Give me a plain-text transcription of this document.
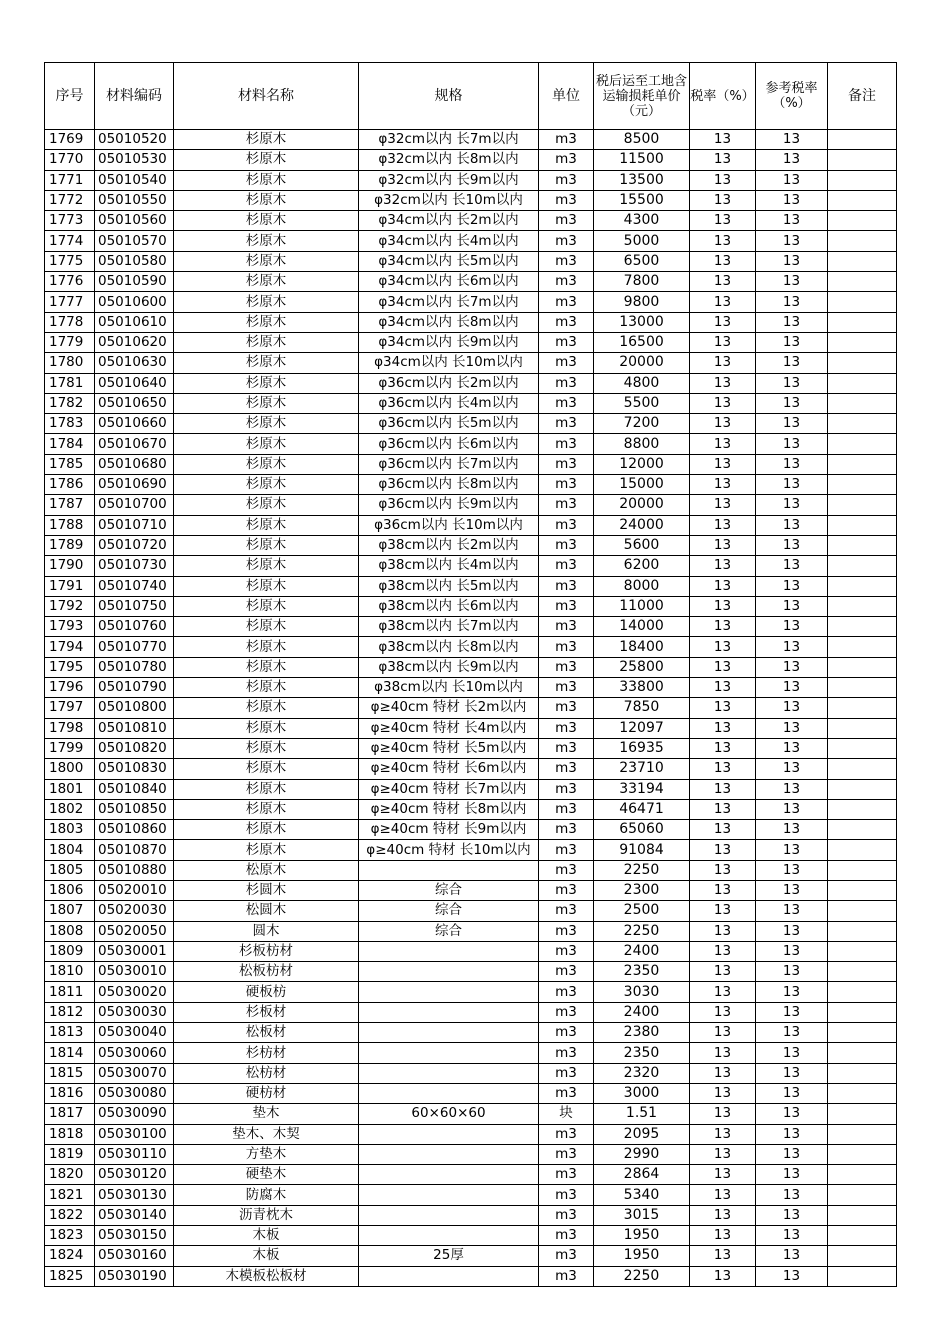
序号	材料编码	材料名称	规格	单位	税后运至工地含运输损耗单价（元）	税率（%）	参考税率（%）	备注
1769	05010520	杉原木	φ32cm以内 长7m以内	m3	8500	13	13	
1770	05010530	杉原木	φ32cm以内 长8m以内	m3	11500	13	13	
1771	05010540	杉原木	φ32cm以内 长9m以内	m3	13500	13	13	
1772	05010550	杉原木	φ32cm以内 长10m以内	m3	15500	13	13	
1773	05010560	杉原木	φ34cm以内 长2m以内	m3	4300	13	13	
1774	05010570	杉原木	φ34cm以内 长4m以内	m3	5000	13	13	
1775	05010580	杉原木	φ34cm以内 长5m以内	m3	6500	13	13	
1776	05010590	杉原木	φ34cm以内 长6m以内	m3	7800	13	13	
1777	05010600	杉原木	φ34cm以内 长7m以内	m3	9800	13	13	
1778	05010610	杉原木	φ34cm以内 长8m以内	m3	13000	13	13	
1779	05010620	杉原木	φ34cm以内 长9m以内	m3	16500	13	13	
1780	05010630	杉原木	φ34cm以内 长10m以内	m3	20000	13	13	
1781	05010640	杉原木	φ36cm以内 长2m以内	m3	4800	13	13	
1782	05010650	杉原木	φ36cm以内 长4m以内	m3	5500	13	13	
1783	05010660	杉原木	φ36cm以内 长5m以内	m3	7200	13	13	
1784	05010670	杉原木	φ36cm以内 长6m以内	m3	8800	13	13	
1785	05010680	杉原木	φ36cm以内 长7m以内	m3	12000	13	13	
1786	05010690	杉原木	φ36cm以内 长8m以内	m3	15000	13	13	
1787	05010700	杉原木	φ36cm以内 长9m以内	m3	20000	13	13	
1788	05010710	杉原木	φ36cm以内 长10m以内	m3	24000	13	13	
1789	05010720	杉原木	φ38cm以内 长2m以内	m3	5600	13	13	
1790	05010730	杉原木	φ38cm以内 长4m以内	m3	6200	13	13	
1791	05010740	杉原木	φ38cm以内 长5m以内	m3	8000	13	13	
1792	05010750	杉原木	φ38cm以内 长6m以内	m3	11000	13	13	
1793	05010760	杉原木	φ38cm以内 长7m以内	m3	14000	13	13	
1794	05010770	杉原木	φ38cm以内 长8m以内	m3	18400	13	13	
1795	05010780	杉原木	φ38cm以内 长9m以内	m3	25800	13	13	
1796	05010790	杉原木	φ38cm以内 长10m以内	m3	33800	13	13	
1797	05010800	杉原木	φ≥40cm 特材 长2m以内	m3	7850	13	13	
1798	05010810	杉原木	φ≥40cm 特材 长4m以内	m3	12097	13	13	
1799	05010820	杉原木	φ≥40cm 特材 长5m以内	m3	16935	13	13	
1800	05010830	杉原木	φ≥40cm 特材 长6m以内	m3	23710	13	13	
1801	05010840	杉原木	φ≥40cm 特材 长7m以内	m3	33194	13	13	
1802	05010850	杉原木	φ≥40cm 特材 长8m以内	m3	46471	13	13	
1803	05010860	杉原木	φ≥40cm 特材 长9m以内	m3	65060	13	13	
1804	05010870	杉原木	φ≥40cm 特材 长10m以内	m3	91084	13	13	
1805	05010880	松原木		m3	2250	13	13	
1806	05020010	杉圆木	综合	m3	2300	13	13	
1807	05020030	松圆木	综合	m3	2500	13	13	
1808	05020050	圆木	综合	m3	2250	13	13	
1809	05030001	杉板枋材		m3	2400	13	13	
1810	05030010	松板枋材		m3	2350	13	13	
1811	05030020	硬板枋		m3	3030	13	13	
1812	05030030	杉板材		m3	2400	13	13	
1813	05030040	松板材		m3	2380	13	13	
1814	05030060	杉枋材		m3	2350	13	13	
1815	05030070	松枋材		m3	2320	13	13	
1816	05030080	硬枋材		m3	3000	13	13	
1817	05030090	垫木	60×60×60	块	1.51	13	13	
1818	05030100	垫木、木契		m3	2095	13	13	
1819	05030110	方垫木		m3	2990	13	13	
1820	05030120	硬垫木		m3	2864	13	13	
1821	05030130	防腐木		m3	5340	13	13	
1822	05030140	沥青枕木		m3	3015	13	13	
1823	05030150	木板		m3	1950	13	13	
1824	05030160	木板	25厚	m3	1950	13	13	
1825	05030190	木模板松板材		m3	2250	13	13	
